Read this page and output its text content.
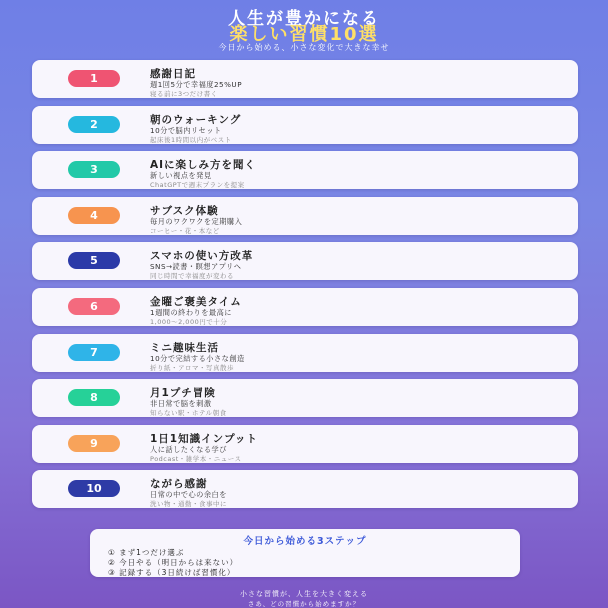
人生が豊かになる
楽しい習慣10選
今日から始める、小さな変化で大きな幸せ
1	感謝日記
週1回5分で幸福度25%UP
寝る前に3つだけ書く
2	朝のウォーキング
10分で脳内リセット
起床後1時間以内がベスト
3	AIに楽しみ方を聞く
新しい視点を発見
ChatGPTで週末プランを提案
4	サブスク体験
毎月のワクワクを定期購入
コーヒー・花・本など
5	スマホの使い方改革
SNS→読書・瞑想アプリへ
同じ時間で幸福度が変わる
6	金曜ご褒美タイム
1週間の終わりを最高に
1,000〜2,000円で十分
7	ミニ趣味生活
10分で完結する小さな創造
折り紙・アロマ・写真散歩
8	月1プチ冒険
非日常で脳を刺激
知らない駅・ホテル朝食
9	1日1知識インプット
人に話したくなる学び
Podcast・雑学本・ニュース
10	ながら感謝
日常の中で心の余白を
洗い物・通勤・食事中に
今日から始める3ステップ
① まず1つだけ選ぶ
② 今日やる（明日からは来ない）
③ 記録する（3日続けば習慣化）
小さな習慣が、人生を大きく変える
さあ、どの習慣から始めますか？
